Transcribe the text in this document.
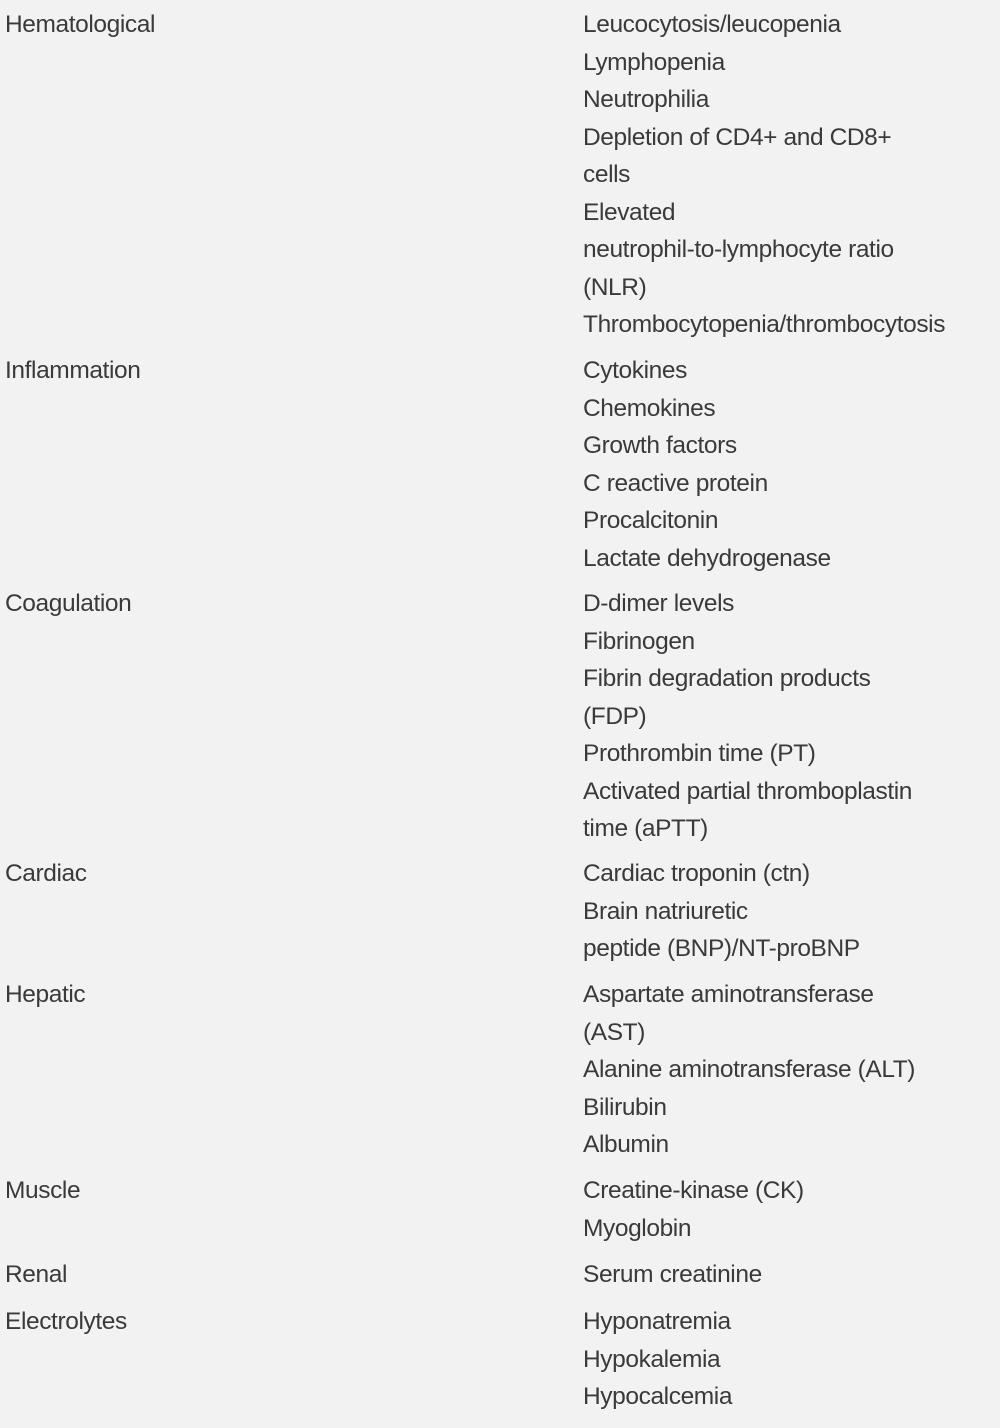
Hematological	Leucocytosis/leucopenia
Lymphopenia
Neutrophilia
Depletion of CD4+ and CD8+
cells
Elevated
neutrophil-to-lymphocyte ratio
(NLR)
Thrombocytopenia/thrombocytosis
Inflammation	Cytokines
Chemokines
Growth factors
C reactive protein
Procalcitonin
Lactate dehydrogenase
Coagulation	D-dimer levels
Fibrinogen
Fibrin degradation products
(FDP)
Prothrombin time (PT)
Activated partial thromboplastin
time (aPTT)
Cardiac	Cardiac troponin (ctn)
Brain natriuretic
peptide (BNP)/NT-proBNP
Hepatic	Aspartate aminotransferase
(AST)
Alanine aminotransferase (ALT)
Bilirubin
Albumin
Muscle	Creatine-kinase (CK)
Myoglobin
Renal	Serum creatinine
Electrolytes	Hyponatremia
Hypokalemia
Hypocalcemia
